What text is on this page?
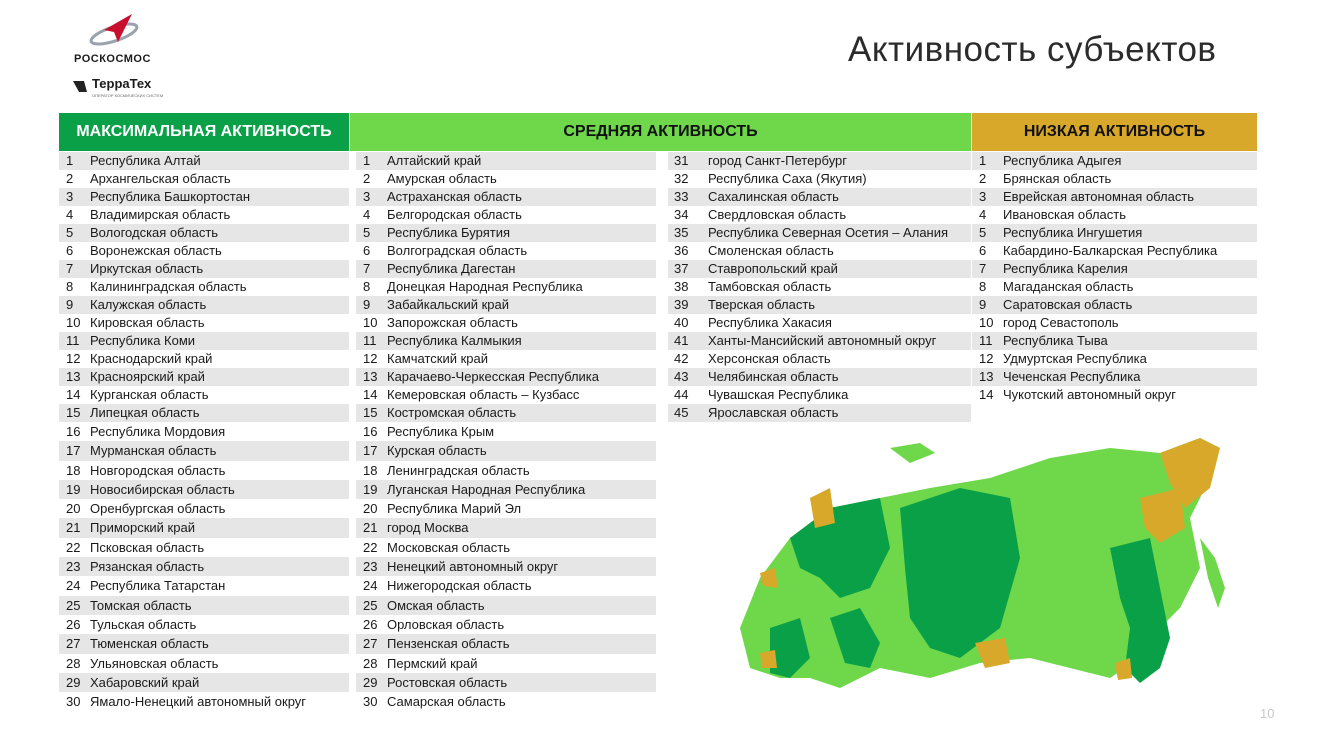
РОСКОСМОС
ТерраТех
ОПЕРАТОР КОСМИЧЕСКИХ СИСТЕМ
Активность субъектов
МАКСИМАЛЬНАЯ АКТИВНОСТЬ	СРЕДНЯЯ АКТИВНОСТЬ	НИЗКАЯ АКТИВНОСТЬ
1 Республика Алтай
2 Архангельская область
3 Республика Башкортостан
4 Владимирская область
5 Вологодская область
6 Воронежская область
7 Иркутская область
8 Калининградская область
9 Калужская область
10 Кировская область
11 Республика Коми
12 Краснодарский край
13 Красноярский край
14 Курганская область
15 Липецкая область
16 Республика Мордовия
17 Мурманская область
18 Новгородская область
19 Новосибирская область
20 Оренбургская область
21 Приморский край
22 Псковская область
23 Рязанская область
24 Республика Татарстан
25 Томская область
26 Тульская область
27 Тюменская область
28 Ульяновская область
29 Хабаровский край
30 Ямало-Ненецкий автономный округ
1 Алтайский край
2 Амурская область
3 Астраханская область
4 Белгородская область
5 Республика Бурятия
6 Волгоградская область
7 Республика Дагестан
8 Донецкая Народная Республика
9 Забайкальский край
10 Запорожская область
11 Республика Калмыкия
12 Камчатский край
13 Карачаево-Черкесская Республика
14 Кемеровская область – Кузбасс
15 Костромская область
16 Республика Крым
17 Курская область
18 Ленинградская область
19 Луганская Народная Республика
20 Республика Марий Эл
21 город Москва
22 Московская область
23 Ненецкий автономный округ
24 Нижегородская область
25 Омская область
26 Орловская область
27 Пензенская область
28 Пермский край
29 Ростовская область
30 Самарская область
31 город Санкт-Петербург
32 Республика Саха (Якутия)
33 Сахалинская область
34 Свердловская область
35 Республика Северная Осетия – Алания
36 Смоленская область
37 Ставропольский край
38 Тамбовская область
39 Тверская область
40 Республика Хакасия
41 Ханты-Мансийский автономный округ
42 Херсонская область
43 Челябинская область
44 Чувашская Республика
45 Ярославская область
1 Республика Адыгея
2 Брянская область
3 Еврейская автономная область
4 Ивановская область
5 Республика Ингушетия
6 Кабардино-Балкарская Республика
7 Республика Карелия
8 Магаданская область
9 Саратовская область
10 город Севастополь
11 Республика Тыва
12 Удмуртская Республика
13 Чеченская Республика
14 Чукотский автономный округ
10
